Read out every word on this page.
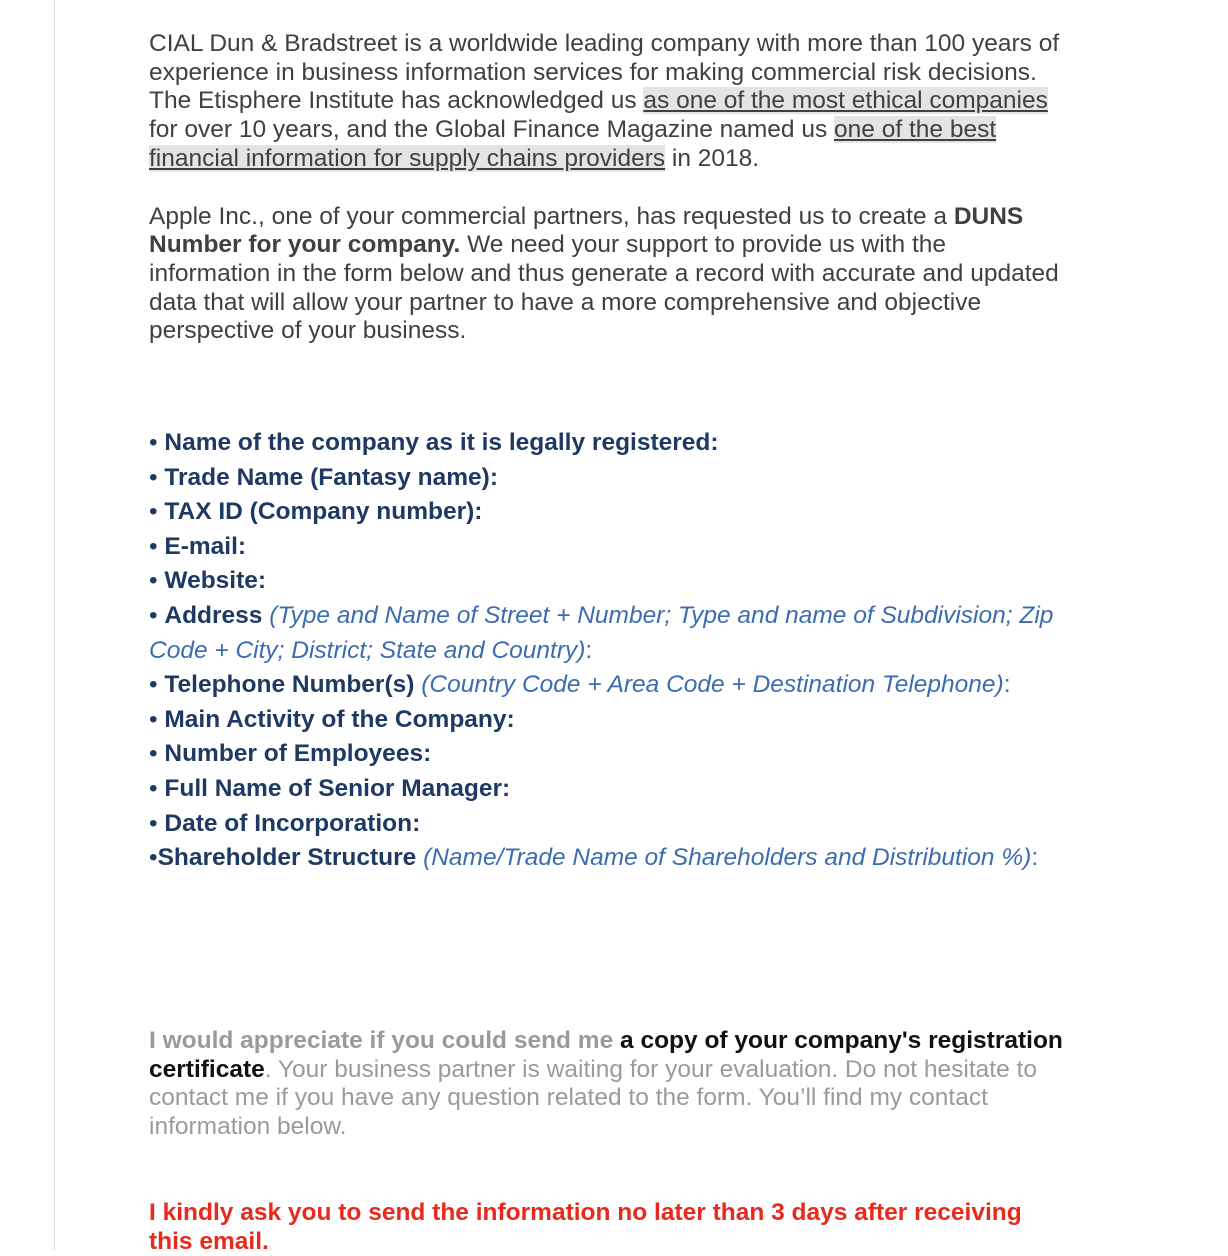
CIAL Dun & Bradstreet is a worldwide leading company with more than 100 years of experience in business information services for making commercial risk decisions. The Etisphere Institute has acknowledged us as one of the most ethical companies for over 10 years, and the Global Finance Magazine named us one of the best financial information for supply chains providers in 2018.

Apple Inc., one of your commercial partners, has requested us to create a DUNS Number for your company. We need your support to provide us with the information in the form below and thus generate a record with accurate and updated data that will allow your partner to have a more comprehensive and objective perspective of your business.

• Name of the company as it is legally registered:
• Trade Name (Fantasy name):
• TAX ID (Company number):
• E-mail:
• Website:
• Address (Type and Name of Street + Number; Type and name of Subdivision; Zip Code + City; District; State and Country):
• Telephone Number(s) (Country Code + Area Code + Destination Telephone):
• Main Activity of the Company:
• Number of Employees:
• Full Name of Senior Manager:
• Date of Incorporation:
•Shareholder Structure (Name/Trade Name of Shareholders and Distribution %):

I would appreciate if you could send me a copy of your company's registration certificate. Your business partner is waiting for your evaluation. Do not hesitate to contact me if you have any question related to the form. You’ll find my contact information below.

I kindly ask you to send the information no later than 3 days after receiving this email.
